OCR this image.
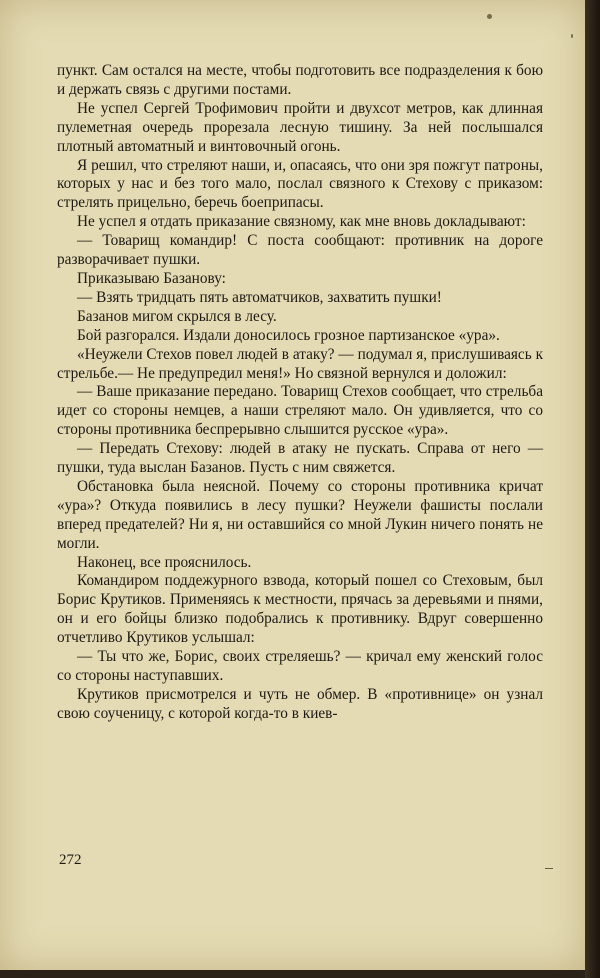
пункт. Сам остался на месте, чтобы подготовить все подразделения к бою и держать связь с другими постами.

Не успел Сергей Трофимович пройти и двухсот метров, как длинная пулеметная очередь прорезала лесную тишину. За ней послышался плотный автоматный и винтовочный огонь.

Я решил, что стреляют наши, и, опасаясь, что они зря пожгут патроны, которых у нас и без того мало, послал связного к Стехову с приказом: стрелять прицельно, беречь боеприпасы.

Не успел я отдать приказание связному, как мне вновь докладывают:

— Товарищ командир! С поста сообщают: противник на дороге разворачивает пушки.

Приказываю Базанову:

— Взять тридцать пять автоматчиков, захватить пушки!

Базанов мигом скрылся в лесу.

Бой разгорался. Издали доносилось грозное партизанское «ура».

«Неужели Стехов повел людей в атаку? — подумал я, прислушиваясь к стрельбе.— Не предупредил меня!» Но связной вернулся и доложил:

— Ваше приказание передано. Товарищ Стехов сообщает, что стрельба идет со стороны немцев, а наши стреляют мало. Он удивляется, что со стороны противника беспрерывно слышится русское «ура».

— Передать Стехову: людей в атаку не пускать. Справа от него — пушки, туда выслан Базанов. Пусть с ним свяжется.

Обстановка была неясной. Почему со стороны противника кричат «ура»? Откуда появились в лесу пушки? Неужели фашисты послали вперед предателей? Ни я, ни оставшийся со мной Лукин ничего понять не могли.

Наконец, все прояснилось.

Командиром поддежурного взвода, который пошел со Стеховым, был Борис Крутиков. Применяясь к местности, прячась за деревьями и пнями, он и его бойцы близко подобрались к противнику. Вдруг совершенно отчетливо Крутиков услышал:

— Ты что же, Борис, своих стреляешь? — кричал ему женский голос со стороны наступавших.

Крутиков присмотрелся и чуть не обмер. В «противнице» он узнал свою соученицу, с которой когда-то в киев-

272
